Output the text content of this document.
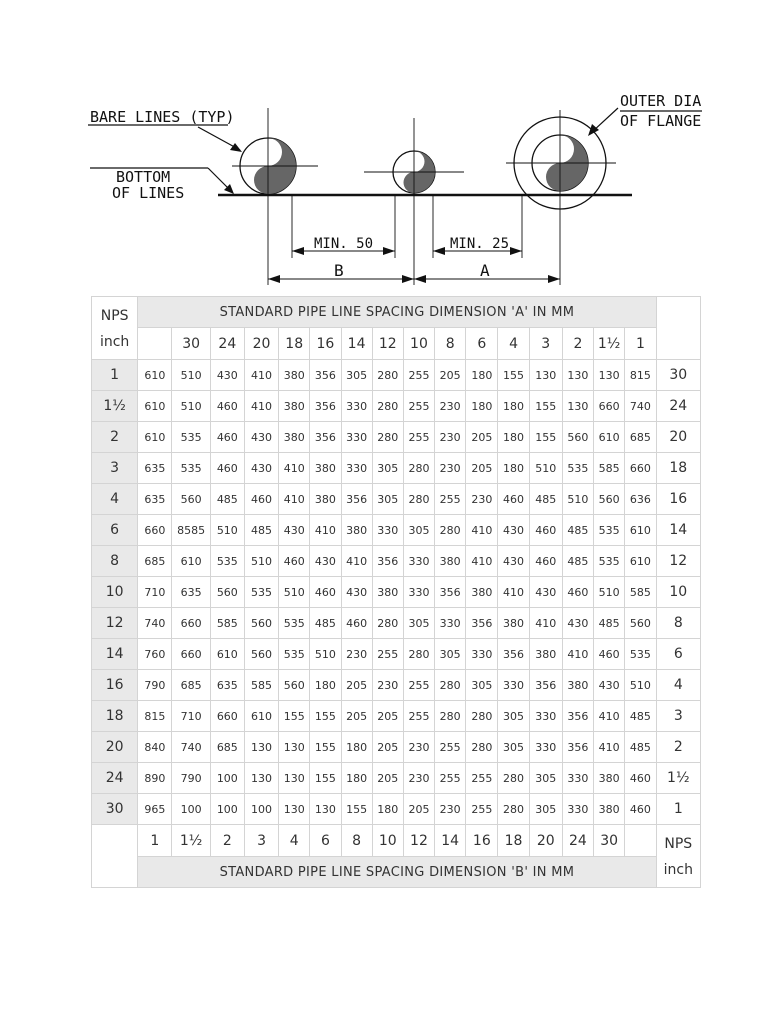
BARE LINES (TYP)
BOTTOM
OF LINES
OUTER DIA
OF FLANGE
MIN. 50	MIN. 25
B	A
NPS
inch	STANDARD PIPE LINE SPACING DIMENSION 'A' IN MM																
		30	24	20	18	16	14	12	10	8	6	4	3	2	1½	1	
1	610	510	430	410	380	356	305	280	255	205	180	155	130	130	130	815	30
1½	610	510	460	410	380	356	330	280	255	230	180	180	155	130	660	740	24
2	610	535	460	430	380	356	330	280	255	230	205	180	155	560	610	685	20
3	635	535	460	430	410	380	330	305	280	230	205	180	510	535	585	660	18
4	635	560	485	460	410	380	356	305	280	255	230	460	485	510	560	636	16
6	660	8585	510	485	430	410	380	330	305	280	410	430	460	485	535	610	14
8	685	610	535	510	460	430	410	356	330	380	410	430	460	485	535	610	12
10	710	635	560	535	510	460	430	380	330	356	380	410	430	460	510	585	10
12	740	660	585	560	535	485	460	280	305	330	356	380	410	430	485	560	8
14	760	660	610	560	535	510	230	255	280	305	330	356	380	410	460	535	6
16	790	685	635	585	560	180	205	230	255	280	305	330	356	380	430	510	4
18	815	710	660	610	155	155	205	205	255	280	280	305	330	356	410	485	3
20	840	740	685	130	130	155	180	205	230	255	280	305	330	356	410	485	2
24	890	790	100	130	130	155	180	205	230	255	255	280	305	330	380	460	1½
30	965	100	100	100	130	130	155	180	205	230	255	280	305	330	380	460	1
	1	1½	2	3	4	6	8	10	12	14	16	18	20	24	30		NPS
inch

	STANDARD PIPE LINE SPACING DIMENSION 'B' IN MM																
